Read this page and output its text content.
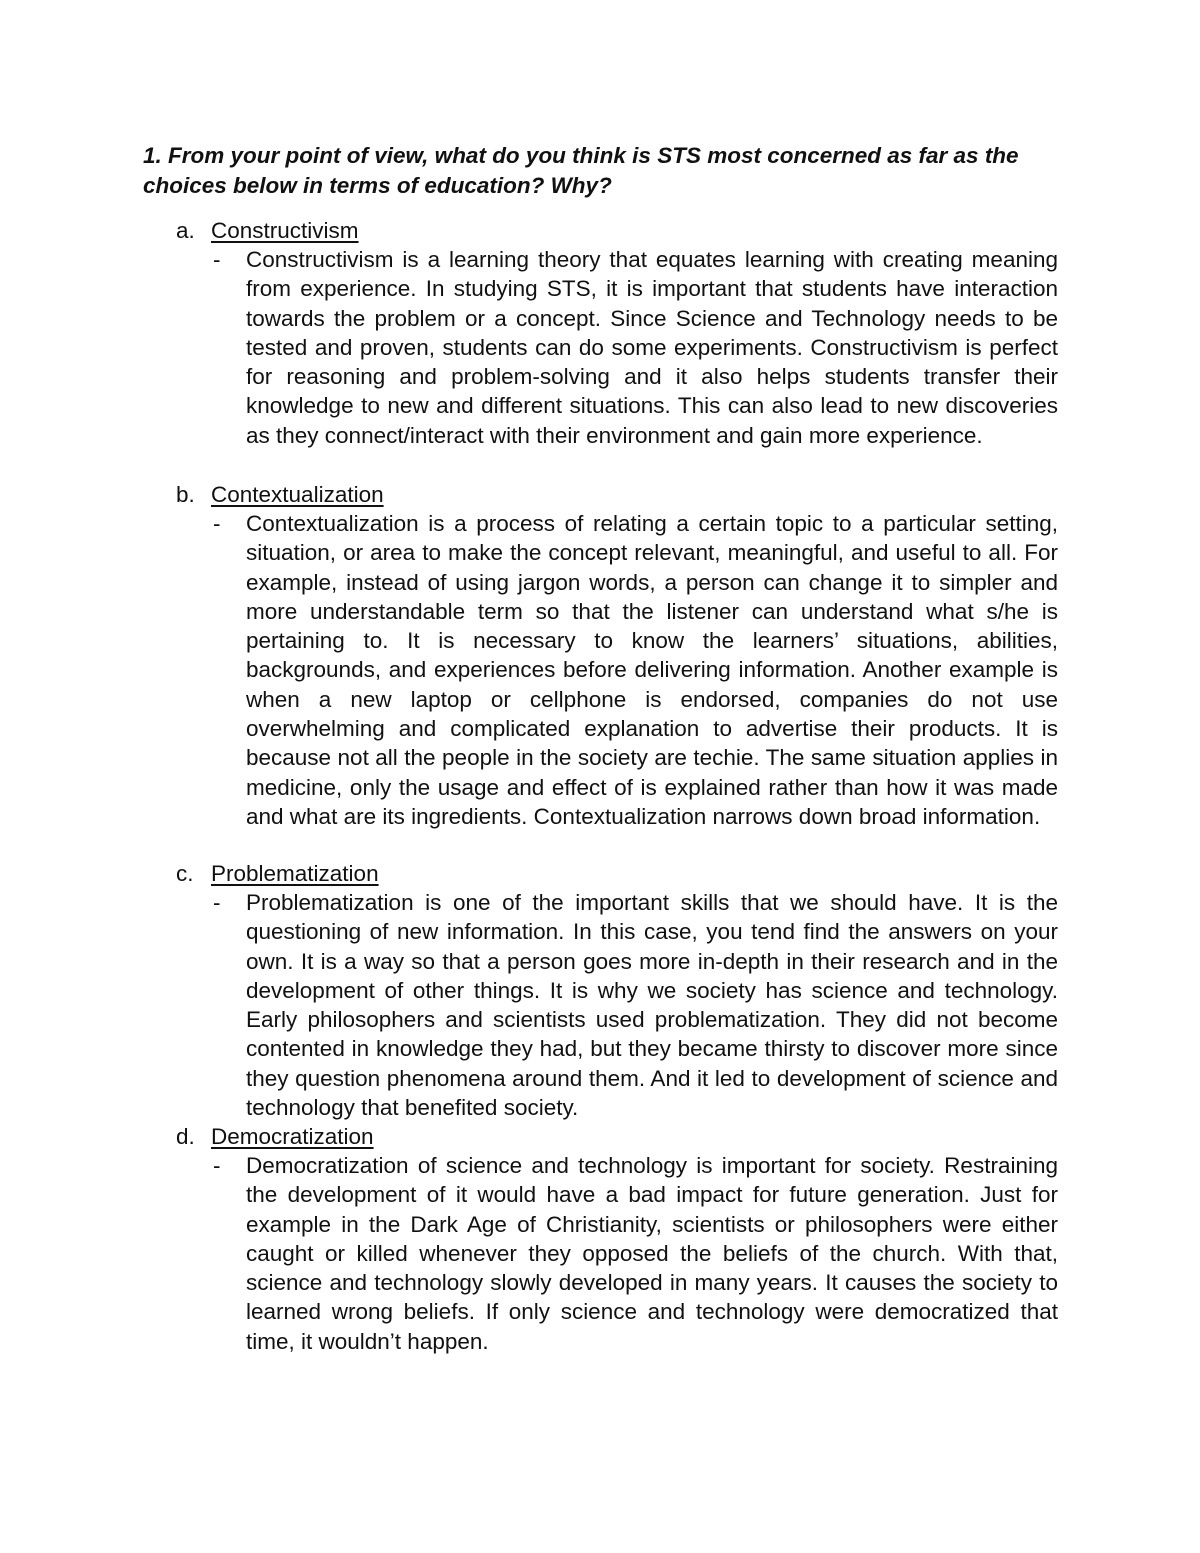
1. From your point of view, what do you think is STS most concerned as far as the choices below in terms of education? Why?

a. Constructivism
- Constructivism is a learning theory that equates learning with creating meaning from experience. In studying STS, it is important that students have interaction towards the problem or a concept. Since Science and Technology needs to be tested and proven, students can do some experiments. Constructivism is perfect for reasoning and problem-solving and it also helps students transfer their knowledge to new and different situations. This can also lead to new discoveries as they connect/interact with their environment and gain more experience.

b. Contextualization
- Contextualization is a process of relating a certain topic to a particular setting, situation, or area to make the concept relevant, meaningful, and useful to all. For example, instead of using jargon words, a person can change it to simpler and more understandable term so that the listener can understand what s/he is pertaining to. It is necessary to know the learners’ situations, abilities, backgrounds, and experiences before delivering information. Another example is when a new laptop or cellphone is endorsed, companies do not use overwhelming and complicated explanation to advertise their products. It is because not all the people in the society are techie. The same situation applies in medicine, only the usage and effect of is explained rather than how it was made and what are its ingredients. Contextualization narrows down broad information.

c. Problematization
- Problematization is one of the important skills that we should have. It is the questioning of new information. In this case, you tend find the answers on your own. It is a way so that a person goes more in-depth in their research and in the development of other things. It is why we society has science and technology. Early philosophers and scientists used problematization. They did not become contented in knowledge they had, but they became thirsty to discover more since they question phenomena around them. And it led to development of science and technology that benefited society.

d. Democratization
- Democratization of science and technology is important for society. Restraining the development of it would have a bad impact for future generation. Just for example in the Dark Age of Christianity, scientists or philosophers were either caught or killed whenever they opposed the beliefs of the church. With that, science and technology slowly developed in many years. It causes the society to learned wrong beliefs. If only science and technology were democratized that time, it wouldn’t happen.
